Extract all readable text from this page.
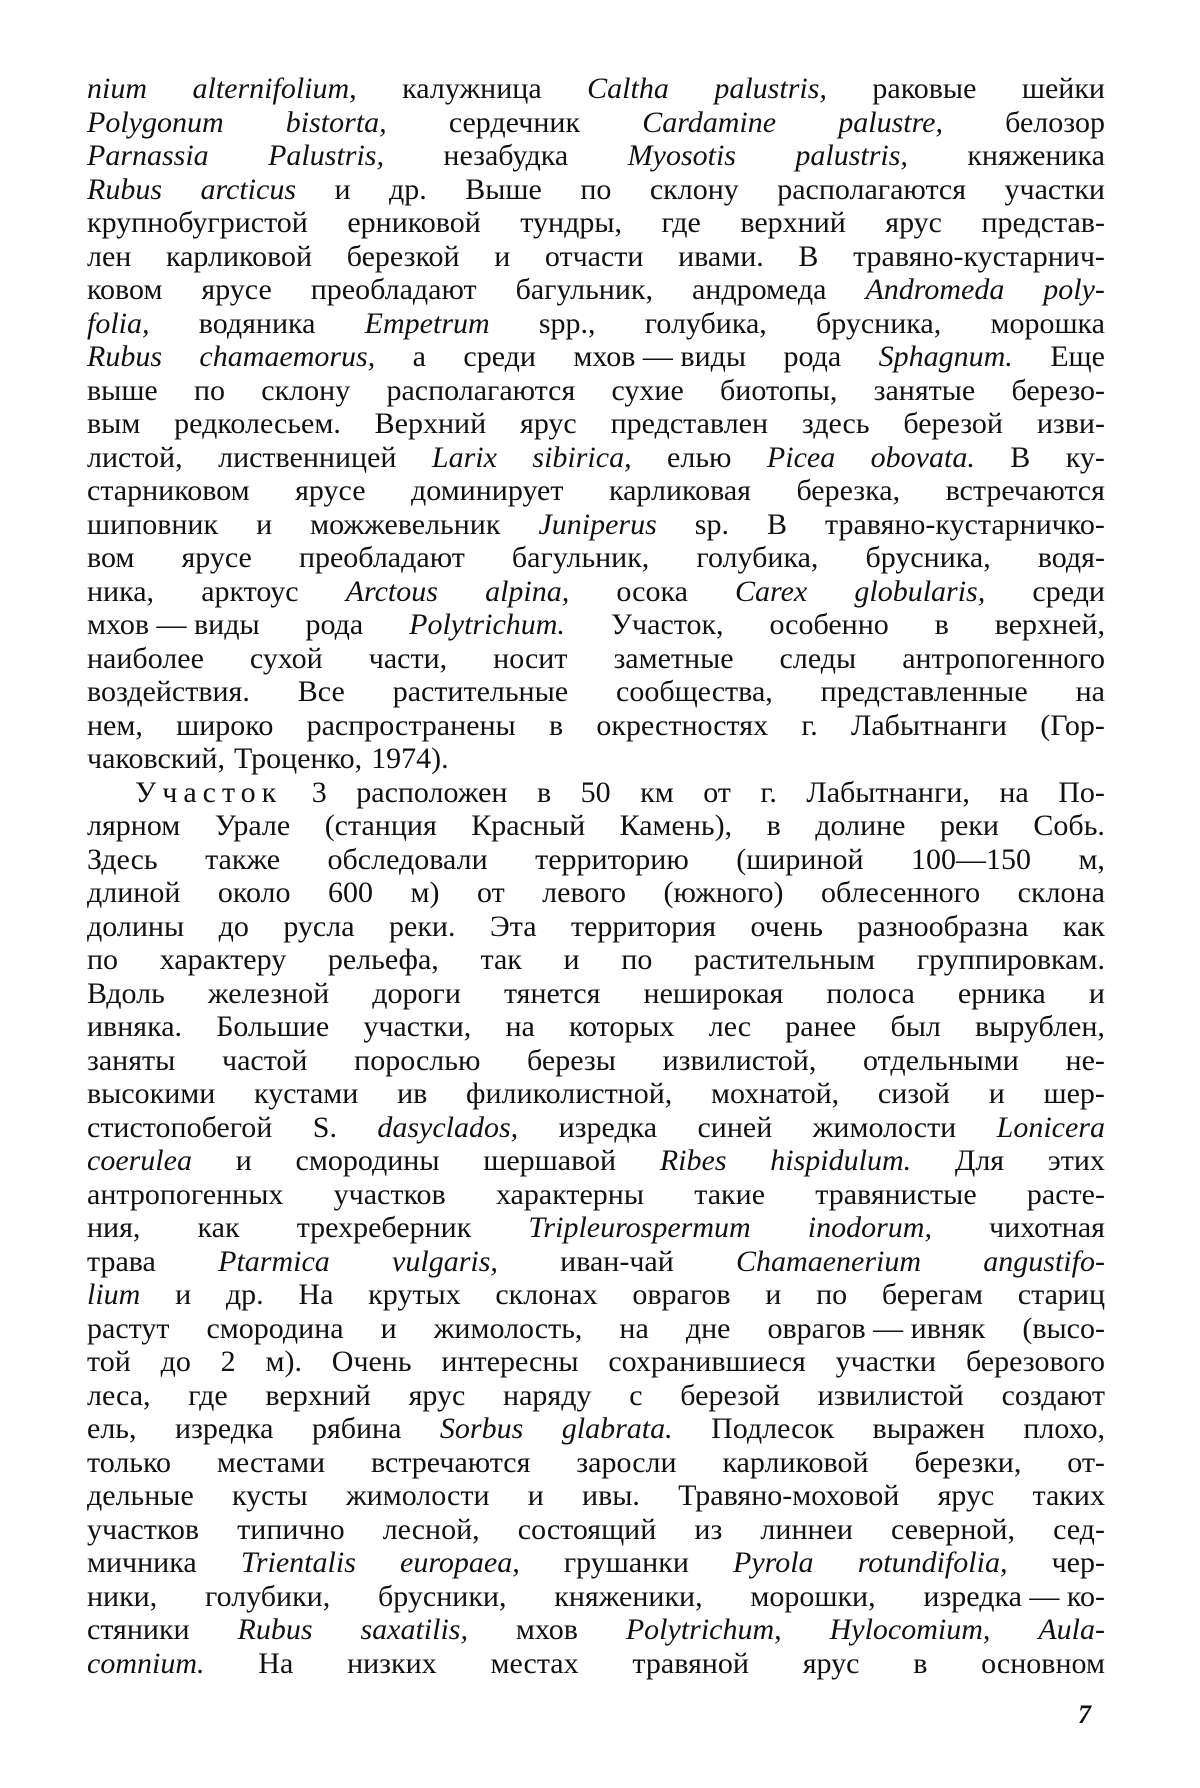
nium alternifolium, калужница Caltha palustris, раковые шейки
Polygonum bistorta, сердечник Cardamine palustre, белозор
Parnassia Palustris, незабудка Myosotis palustris, княженика
Rubus arcticus и др. Выше по склону располагаются участки
крупнобугристой ерниковой тундры, где верхний ярус представ-
лен карликовой березкой и отчасти ивами. В травяно-кустарнич-
ковом ярусе преобладают багульник, андромеда Andromeda poly-
folia, водяника Empetrum spp., голубика, брусника, морошка
Rubus chamaemorus, а среди мхов — виды рода Sphagnum. Еще
выше по склону располагаются сухие биотопы, занятые березо-
вым редколесьем. Верхний ярус представлен здесь березой изви-
листой, лиственницей Larix sibirica, елью Picea obovata. В ку-
старниковом ярусе доминирует карликовая березка, встречаются
шиповник и можжевельник Juniperus sp. В травяно-кустарничко-
вом ярусе преобладают багульник, голубика, брусника, водя-
ника, арктоус Arctous alpina, осока Carex globularis, среди
мхов — виды рода Polytrichum. Участок, особенно в верхней,
наиболее сухой части, носит заметные следы антропогенного
воздействия. Все растительные сообщества, представленные на
нем, широко распространены в окрестностях г. Лабытнанги (Гор-
чаковский, Троценко, 1974).
Участок 3 расположен в 50 км от г. Лабытнанги, на По-
лярном Урале (станция Красный Камень), в долине реки Собь.
Здесь также обследовали территорию (шириной 100—150 м,
длиной около 600 м) от левого (южного) облесенного склона
долины до русла реки. Эта территория очень разнообразна как
по характеру рельефа, так и по растительным группировкам.
Вдоль железной дороги тянется неширокая полоса ерника и
ивняка. Большие участки, на которых лес ранее был вырублен,
заняты частой порослью березы извилистой, отдельными не-
высокими кустами ив филиколистной, мохнатой, сизой и шер-
стистопобегой S. dasyclados, изредка синей жимолости Lonicera
coerulea и смородины шершавой Ribes hispidulum. Для этих
антропогенных участков характерны такие травянистые расте-
ния, как трехреберник Tripleurospermum inodorum, чихотная
трава Ptarmica vulgaris, иван-чай Chamaenerium angustifo-
lium и др. На крутых склонах оврагов и по берегам стариц
растут смородина и жимолость, на дне оврагов — ивняк (высо-
той до 2 м). Очень интересны сохранившиеся участки березового
леса, где верхний ярус наряду с березой извилистой создают
ель, изредка рябина Sorbus glabrata. Подлесок выражен плохо,
только местами встречаются заросли карликовой березки, от-
дельные кусты жимолости и ивы. Травяно-моховой ярус таких
участков типично лесной, состоящий из линнеи северной, сед-
мичника Trientalis europaea, грушанки Pyrola rotundifolia, чер-
ники, голубики, брусники, княженики, морошки, изредка — ко-
стяники Rubus saxatilis, мхов Polytrichum, Hylocomium, Aula-
comnium. На низких местах травяной ярус в основном
7
